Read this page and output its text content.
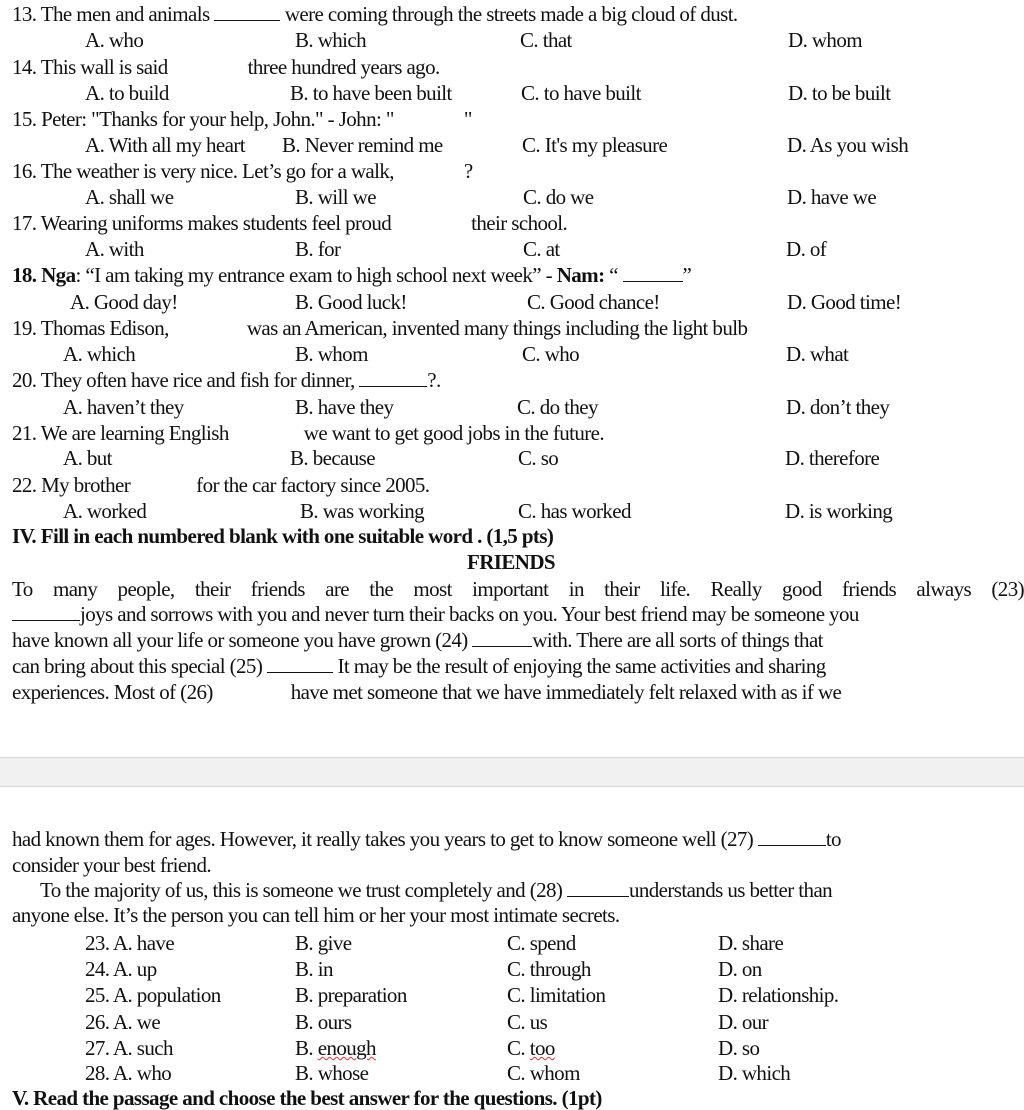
13. The men and animals	were coming through the streets made a big cloud of dust.
A. who	B. which	C. that	D. whom
14. This wall is said	three hundred years ago.
A. to build	B. to have been built	C. to have built	D. to be built
15. Peter: "Thanks for your help, John." - John: "	"
A. With all my heart B. Never remind me	C. It's my pleasure	D. As you wish
16. The weather is very nice. Let’s go for a walk,	?
A. shall we	B. will we	C. do we	D. have we
17. Wearing uniforms makes students feel proud	their school.
A. with	B. for	C. at	D. of
18. Nga: “I am taking my entrance exam to high school next week” - Nam: “	”
A. Good day!	B. Good luck!	C. Good chance!	D. Good time!
19. Thomas Edison,	was an American, invented many things including the light bulb
A. which	B. whom	C. who	D. what
20. They often have rice and fish for dinner,	?.
A. haven’t they	B. have they	C. do they	D. don’t they
21. We are learning English	we want to get good jobs in the future.
A. but	B. because	C. so	D. therefore
22. My brother	for the car factory since 2005.
A. worked	B. was working	C. has worked	D. is working
IV. Fill in each numbered blank with one suitable word . (1,5 pts)
FRIENDS
To many people, their friends are the most important in their life. Really good friends always (23)
joys and sorrows with you and never turn their backs on you. Your best friend may be someone you
have known all your life or someone you have grown (24)	with. There are all sorts of things that
can bring about this special (25)	It may be the result of enjoying the same activities and sharing
experiences. Most of (26)	have met someone that we have immediately felt relaxed with as if we
had known them for ages. However, it really takes you years to get to know someone well (27)	to
consider your best friend.
To the majority of us, this is someone we trust completely and (28)	understands us better than
anyone else. It’s the person you can tell him or her your most intimate secrets.
23. A. have	B. give	C. spend	D. share
24. A. up	B. in	C. through	D. on
25. A. population	B. preparation	C. limitation	D. relationship.
26. A. we	B. ours	C. us	D. our
27. A. such	B. enough	C. too	D. so
28. A. who	B. whose	C. whom	D. which
V. Read the passage and choose the best answer for the questions. (1pt)
